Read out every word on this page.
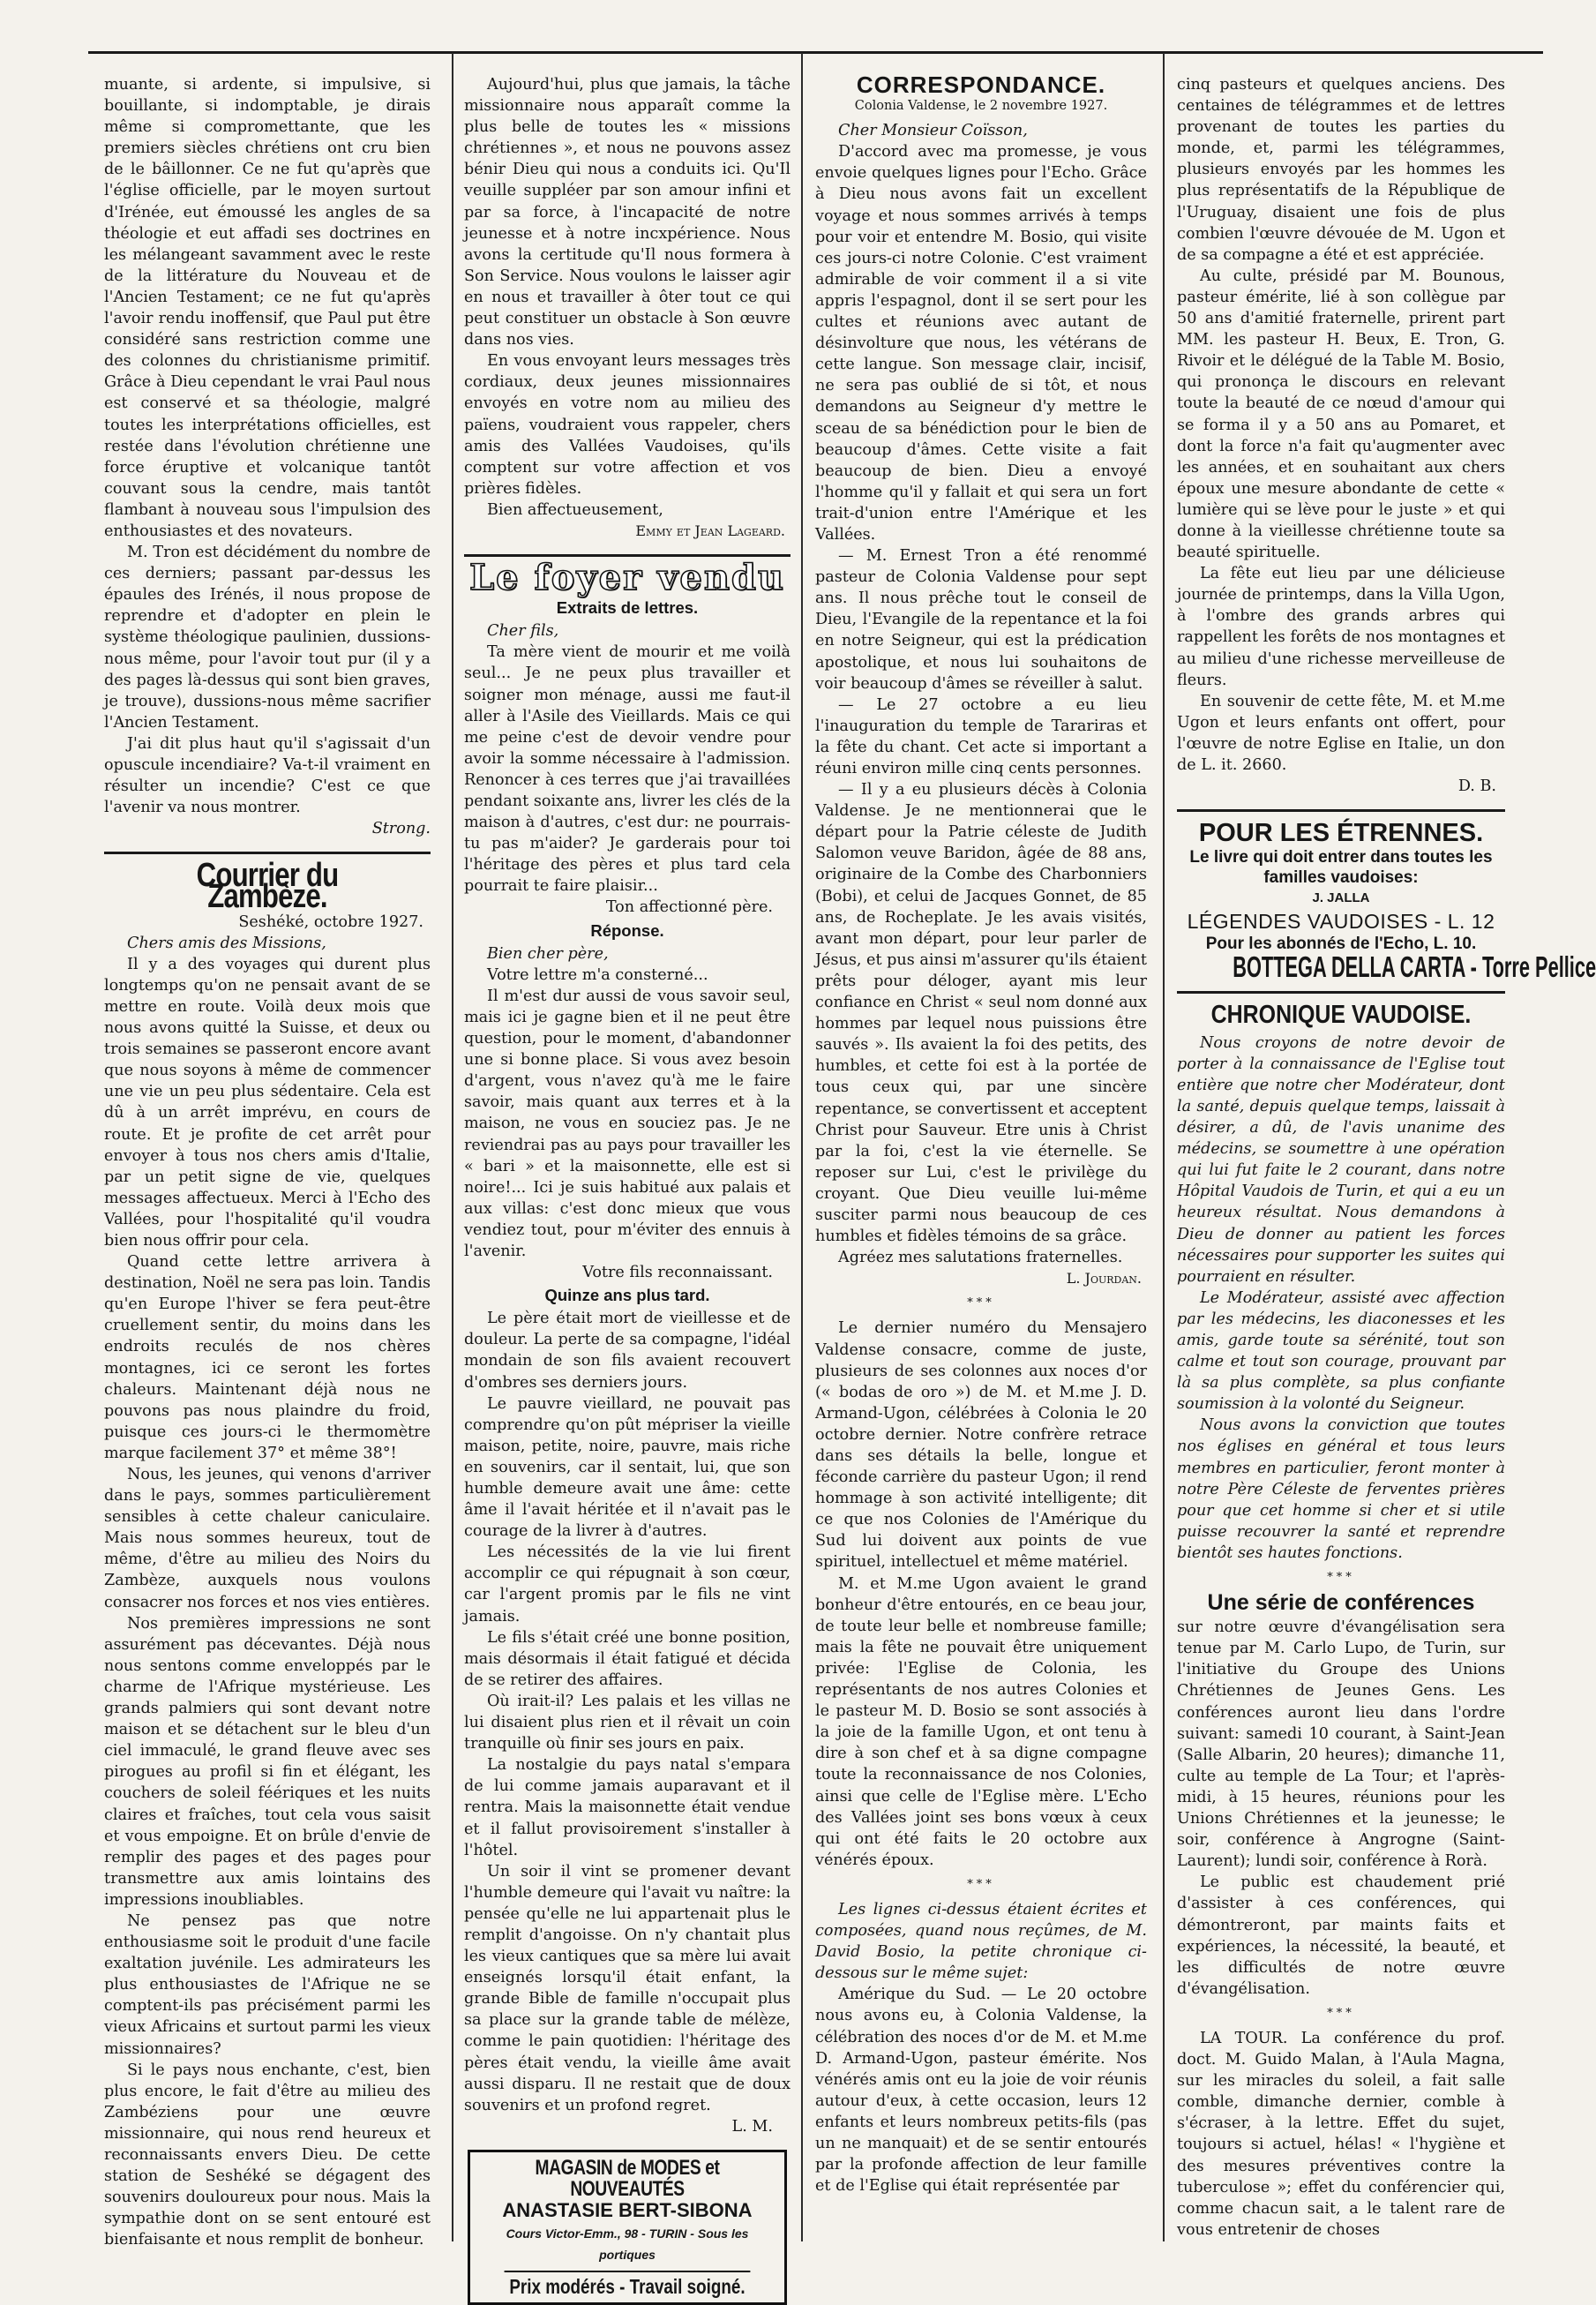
muante, si ardente, si impulsive, si bouillante, si indomptable, je dirais même si compromettante, que les premiers siècles chrétiens ont cru bien de le bâillonner. Ce ne fut qu'après que l'église officielle, par le moyen surtout d'Irénée, eut émoussé les angles de sa théologie et eut affadi ses doctrines en les mélangeant savamment avec le reste de la littérature du Nouveau et de l'Ancien Testament; ce ne fut qu'après l'avoir rendu inoffensif, que Paul put être considéré sans restriction comme une des colonnes du christianisme primitif. Grâce à Dieu cependant le vrai Paul nous est conservé et sa théologie, malgré toutes les interprétations officielles, est restée dans l'évolution chrétienne une force éruptive et volcanique tantôt couvant sous la cendre, mais tantôt flambant à nouveau sous l'impulsion des enthousiastes et des novateurs.

M. Tron est décidément du nombre de ces derniers; passant par-dessus les épaules des Irénés, il nous propose de reprendre et d'adopter en plein le système théologique paulinien, dussions-nous même, pour l'avoir tout pur (il y a des pages là-dessus qui sont bien graves, je trouve), dussions-nous même sacrifier l'Ancien Testament.

J'ai dit plus haut qu'il s'agissait d'un opuscule incendiaire? Va-t-il vraiment en résulter un incendie? C'est ce que l'avenir va nous montrer.

Strong.
Courrier du Zambèze.
Seshéké, octobre 1927.

Chers amis des Missions,

Il y a des voyages qui durent plus longtemps qu'on ne pensait avant de se mettre en route. Voilà deux mois que nous avons quitté la Suisse, et deux ou trois semaines se passeront encore avant que nous soyons à même de commencer une vie un peu plus sédentaire. Cela est dû à un arrêt imprévu, en cours de route. Et je profite de cet arrêt pour envoyer à tous nos chers amis d'Italie, par un petit signe de vie, quelques messages affectueux. Merci à l'Echo des Vallées, pour l'hospitalité qu'il voudra bien nous offrir pour cela.

Quand cette lettre arrivera à destination, Noël ne sera pas loin. Tandis qu'en Europe l'hiver se fera peut-être cruellement sentir, du moins dans les endroits reculés de nos chères montagnes, ici ce seront les fortes chaleurs. Maintenant déjà nous ne pouvons pas nous plaindre du froid, puisque ces jours-ci le thermomètre marque facilement 37° et même 38°!

Nous, les jeunes, qui venons d'arriver dans le pays, sommes particulièrement sensibles à cette chaleur caniculaire. Mais nous sommes heureux, tout de même, d'être au milieu des Noirs du Zambèze, auxquels nous voulons consacrer nos forces et nos vies entières.

Nos premières impressions ne sont assurément pas décevantes. Déjà nous nous sentons comme enveloppés par le charme de l'Afrique mystérieuse. Les grands palmiers qui sont devant notre maison et se détachent sur le bleu d'un ciel immaculé, le grand fleuve avec ses pirogues au profil si fin et élégant, les couchers de soleil féériques et les nuits claires et fraîches, tout cela vous saisit et vous empoigne. Et on brûle d'envie de remplir des pages et des pages pour transmettre aux amis lointains des impressions inoubliables.

Ne pensez pas que notre enthousiasme soit le produit d'une facile exaltation juvénile. Les admirateurs les plus enthousiastes de l'Afrique ne se comptent-ils pas précisément parmi les vieux Africains et surtout parmi les vieux missionnaires?

Si le pays nous enchante, c'est, bien plus encore, le fait d'être au milieu des Zambéziens pour une œuvre missionnaire, qui nous rend heureux et reconnaissants envers Dieu. De cette station de Seshéké se dégagent des souvenirs douloureux pour nous. Mais la sympathie dont on se sent entouré est bienfaisante et nous remplit de bonheur.

Aujourd'hui, plus que jamais, la tâche missionnaire nous apparaît comme la plus belle de toutes les « missions chrétiennes », et nous ne pouvons assez bénir Dieu qui nous a conduits ici. Qu'Il veuille suppléer par son amour infini et par sa force, à l'incapacité de notre jeunesse et à notre incxpérience. Nous avons la certitude qu'Il nous formera à Son Service. Nous voulons le laisser agir en nous et travailler à ôter tout ce qui peut constituer un obstacle à Son œuvre dans nos vies.

En vous envoyant leurs messages très cordiaux, deux jeunes missionnaires envoyés en votre nom au milieu des païens, voudraient vous rappeler, chers amis des Vallées Vaudoises, qu'ils comptent sur votre affection et vos prières fidèles.

Bien affectueusement,

Emmy et Jean Lageard.
Le foyer vendu
Extraits de lettres.

Cher fils,

Ta mère vient de mourir et me voilà seul... Je ne peux plus travailler et soigner mon ménage, aussi me faut-il aller à l'Asile des Vieillards. Mais ce qui me peine c'est de devoir vendre pour avoir la somme nécessaire à l'admission. Renoncer à ces terres que j'ai travaillées pendant soixante ans, livrer les clés de la maison à d'autres, c'est dur: ne pourrais-tu pas m'aider? Je garderais pour toi l'héritage des pères et plus tard cela pourrait te faire plaisir...

Ton affectionné père.
Réponse.

Bien cher père,

Votre lettre m'a consterné...

Il m'est dur aussi de vous savoir seul, mais ici je gagne bien et il ne peut être question, pour le moment, d'abandonner une si bonne place. Si vous avez besoin d'argent, vous n'avez qu'à me le faire savoir, mais quant aux terres et à la maison, ne vous en souciez pas. Je ne reviendrai pas au pays pour travailler les « bari » et la maisonnette, elle est si noire!... Ici je suis habitué aux palais et aux villas: c'est donc mieux que vous vendiez tout, pour m'éviter des ennuis à l'avenir.

Votre fils reconnaissant.
Quinze ans plus tard.

Le père était mort de vieillesse et de douleur. La perte de sa compagne, l'idéal mondain de son fils avaient recouvert d'ombres ses derniers jours.

Le pauvre vieillard, ne pouvait pas comprendre qu'on pût mépriser la vieille maison, petite, noire, pauvre, mais riche en souvenirs, car il sentait, lui, que son humble demeure avait une âme: cette âme il l'avait héritée et il n'avait pas le courage de la livrer à d'autres.

Les nécessités de la vie lui firent accomplir ce qui répugnait à son cœur, car l'argent promis par le fils ne vint jamais.

Le fils s'était créé une bonne position, mais désormais il était fatigué et décida de se retirer des affaires.

Où irait-il? Les palais et les villas ne lui disaient plus rien et il rêvait un coin tranquille où finir ses jours en paix.

La nostalgie du pays natal s'empara de lui comme jamais auparavant et il rentra. Mais la maisonnette était vendue et il fallut provisoirement s'installer à l'hôtel.

Un soir il vint se promener devant l'humble demeure qui l'avait vu naître: la pensée qu'elle ne lui appartenait plus le remplit d'angoisse. On n'y chantait plus les vieux cantiques que sa mère lui avait enseignés lorsqu'il était enfant, la grande Bible de famille n'occupait plus sa place sur la grande table de mélèze, comme le pain quotidien: l'héritage des pères était vendu, la vieille âme avait aussi disparu. Il ne restait que de doux souvenirs et un profond regret.

L. M.
MAGASIN de MODES et NOUVEAUTÉS
ANASTASIE BERT-SIBONA
Cours Victor-Emm., 98 - TURIN - Sous les portiques
Prix modérés - Travail soigné.
CORRESPONDANCE.
Colonia Valdense, le 2 novembre 1927.

Cher Monsieur Coïsson,

D'accord avec ma promesse, je vous envoie quelques lignes pour l'Echo. Grâce à Dieu nous avons fait un excellent voyage et nous sommes arrivés à temps pour voir et entendre M. Bosio, qui visite ces jours-ci notre Colonie. C'est vraiment admirable de voir comment il a si vite appris l'espagnol, dont il se sert pour les cultes et réunions avec autant de désinvolture que nous, les vétérans de cette langue. Son message clair, incisif, ne sera pas oublié de si tôt, et nous demandons au Seigneur d'y mettre le sceau de sa bénédiction pour le bien de beaucoup d'âmes. Cette visite a fait beaucoup de bien. Dieu a envoyé l'homme qu'il y fallait et qui sera un fort trait-d'union entre l'Amérique et les Vallées.

— M. Ernest Tron a été renommé pasteur de Colonia Valdense pour sept ans. Il nous prêche tout le conseil de Dieu, l'Evangile de la repentance et la foi en notre Seigneur, qui est la prédication apostolique, et nous lui souhaitons de voir beaucoup d'âmes se réveiller à salut.

— Le 27 octobre a eu lieu l'inauguration du temple de Tarariras et la fête du chant. Cet acte si important a réuni environ mille cinq cents personnes.

— Il y a eu plusieurs décès à Colonia Valdense. Je ne mentionnerai que le départ pour la Patrie céleste de Judith Salomon veuve Baridon, âgée de 88 ans, originaire de la Combe des Charbonniers (Bobi), et celui de Jacques Gonnet, de 85 ans, de Rocheplate. Je les avais visités, avant mon départ, pour leur parler de Jésus, et pus ainsi m'assurer qu'ils étaient prêts pour déloger, ayant mis leur confiance en Christ « seul nom donné aux hommes par lequel nous puissions être sauvés ». Ils avaient la foi des petits, des humbles, et cette foi est à la portée de tous ceux qui, par une sincère repentance, se convertissent et acceptent Christ pour Sauveur. Etre unis à Christ par la foi, c'est la vie éternelle. Se reposer sur Lui, c'est le privilège du croyant. Que Dieu veuille lui-même susciter parmi nous beaucoup de ces humbles et fidèles témoins de sa grâce.

Agréez mes salutations fraternelles.

L. Jourdan.
***

Le dernier numéro du Mensajero Valdense consacre, comme de juste, plusieurs de ses colonnes aux noces d'or (« bodas de oro ») de M. et M.me J. D. Armand-Ugon, célébrées à Colonia le 20 octobre dernier. Notre confrère retrace dans ses détails la belle, longue et féconde carrière du pasteur Ugon; il rend hommage à son activité intelligente; dit ce que nos Colonies de l'Amérique du Sud lui doivent aux points de vue spirituel, intellectuel et même matériel.

M. et M.me Ugon avaient le grand bonheur d'être entourés, en ce beau jour, de toute leur belle et nombreuse famille; mais la fête ne pouvait être uniquement privée: l'Eglise de Colonia, les représentants de nos autres Colonies et le pasteur M. D. Bosio se sont associés à la joie de la famille Ugon, et ont tenu à dire à son chef et à sa digne compagne toute la reconnaissance de nos Colonies, ainsi que celle de l'Eglise mère. L'Echo des Vallées joint ses bons vœux à ceux qui ont été faits le 20 octobre aux vénérés époux.

***

Les lignes ci-dessus étaient écrites et composées, quand nous reçûmes, de M. David Bosio, la petite chronique ci-dessous sur le même sujet:

Amérique du Sud. — Le 20 octobre nous avons eu, à Colonia Valdense, la célébration des noces d'or de M. et M.me D. Armand-Ugon, pasteur émérite. Nos vénérés amis ont eu la joie de voir réunis autour d'eux, à cette occasion, leurs 12 enfants et leurs nombreux petits-fils (pas un ne manquait) et de se sentir entourés par la profonde affection de leur famille et de l'Eglise qui était représentée par

cinq pasteurs et quelques anciens. Des centaines de télégrammes et de lettres provenant de toutes les parties du monde, et, parmi les télégrammes, plusieurs envoyés par les hommes les plus représentatifs de la République de l'Uruguay, disaient une fois de plus combien l'œuvre dévouée de M. Ugon et de sa compagne a été et est appréciée.

Au culte, présidé par M. Bounous, pasteur émérite, lié à son collègue par 50 ans d'amitié fraternelle, prirent part MM. les pasteur H. Beux, E. Tron, G. Rivoir et le délégué de la Table M. Bosio, qui prononça le discours en relevant toute la beauté de ce nœud d'amour qui se forma il y a 50 ans au Pomaret, et dont la force n'a fait qu'augmenter avec les années, et en souhaitant aux chers époux une mesure abondante de cette « lumière qui se lève pour le juste » et qui donne à la vieillesse chrétienne toute sa beauté spirituelle.

La fête eut lieu par une délicieuse journée de printemps, dans la Villa Ugon, à l'ombre des grands arbres qui rappellent les forêts de nos montagnes et au milieu d'une richesse merveilleuse de fleurs.

En souvenir de cette fête, M. et M.me Ugon et leurs enfants ont offert, pour l'œuvre de notre Eglise en Italie, un don de L. it. 2660.

D. B.
POUR LES ÉTRENNES.
Le livre qui doit entrer dans toutes les familles vaudoises:
J. JALLA
LÉGENDES VAUDOISES - L. 12
Pour les abonnés de l'Echo, L. 10.
BOTTEGA DELLA CARTA - Torre Pellice
CHRONIQUE VAUDOISE.

Nous croyons de notre devoir de porter à la connaissance de l'Eglise tout entière que notre cher Modérateur, dont la santé, depuis quelque temps, laissait à désirer, a dû, de l'avis unanime des médecins, se soumettre à une opération qui lui fut faite le 2 courant, dans notre Hôpital Vaudois de Turin, et qui a eu un heureux résultat. Nous demandons à Dieu de donner au patient les forces nécessaires pour supporter les suites qui pourraient en résulter.

Le Modérateur, assisté avec affection par les médecins, les diaconesses et les amis, garde toute sa sérénité, tout son calme et tout son courage, prouvant par là sa plus complète, sa plus confiante soumission à la volonté du Seigneur.

Nous avons la conviction que toutes nos églises en général et tous leurs membres en particulier, feront monter à notre Père Céleste de ferventes prières pour que cet homme si cher et si utile puisse recouvrer la santé et reprendre bientôt ses hautes fonctions.

***
Une série de conférences

sur notre œuvre d'évangélisation sera tenue par M. Carlo Lupo, de Turin, sur l'initiative du Groupe des Unions Chrétiennes de Jeunes Gens. Les conférences auront lieu dans l'ordre suivant: samedi 10 courant, à Saint-Jean (Salle Albarin, 20 heures); dimanche 11, culte au temple de La Tour; et l'après-midi, à 15 heures, réunions pour les Unions Chrétiennes et la jeunesse; le soir, conférence à Angrogne (Saint-Laurent); lundi soir, conférence à Rorà.

Le public est chaudement prié d'assister à ces conférences, qui démontreront, par maints faits et expériences, la nécessité, la beauté, et les difficultés de notre œuvre d'évangélisation.

***

LA TOUR. La conférence du prof. doct. M. Guido Malan, à l'Aula Magna, sur les miracles du soleil, a fait salle comble, dimanche dernier, comble à s'écraser, à la lettre. Effet du sujet, toujours si actuel, hélas! « l'hygiène et des mesures préventives contre la tuberculose »; effet du conférencier qui, comme chacun sait, a le talent rare de vous entretenir de choses
